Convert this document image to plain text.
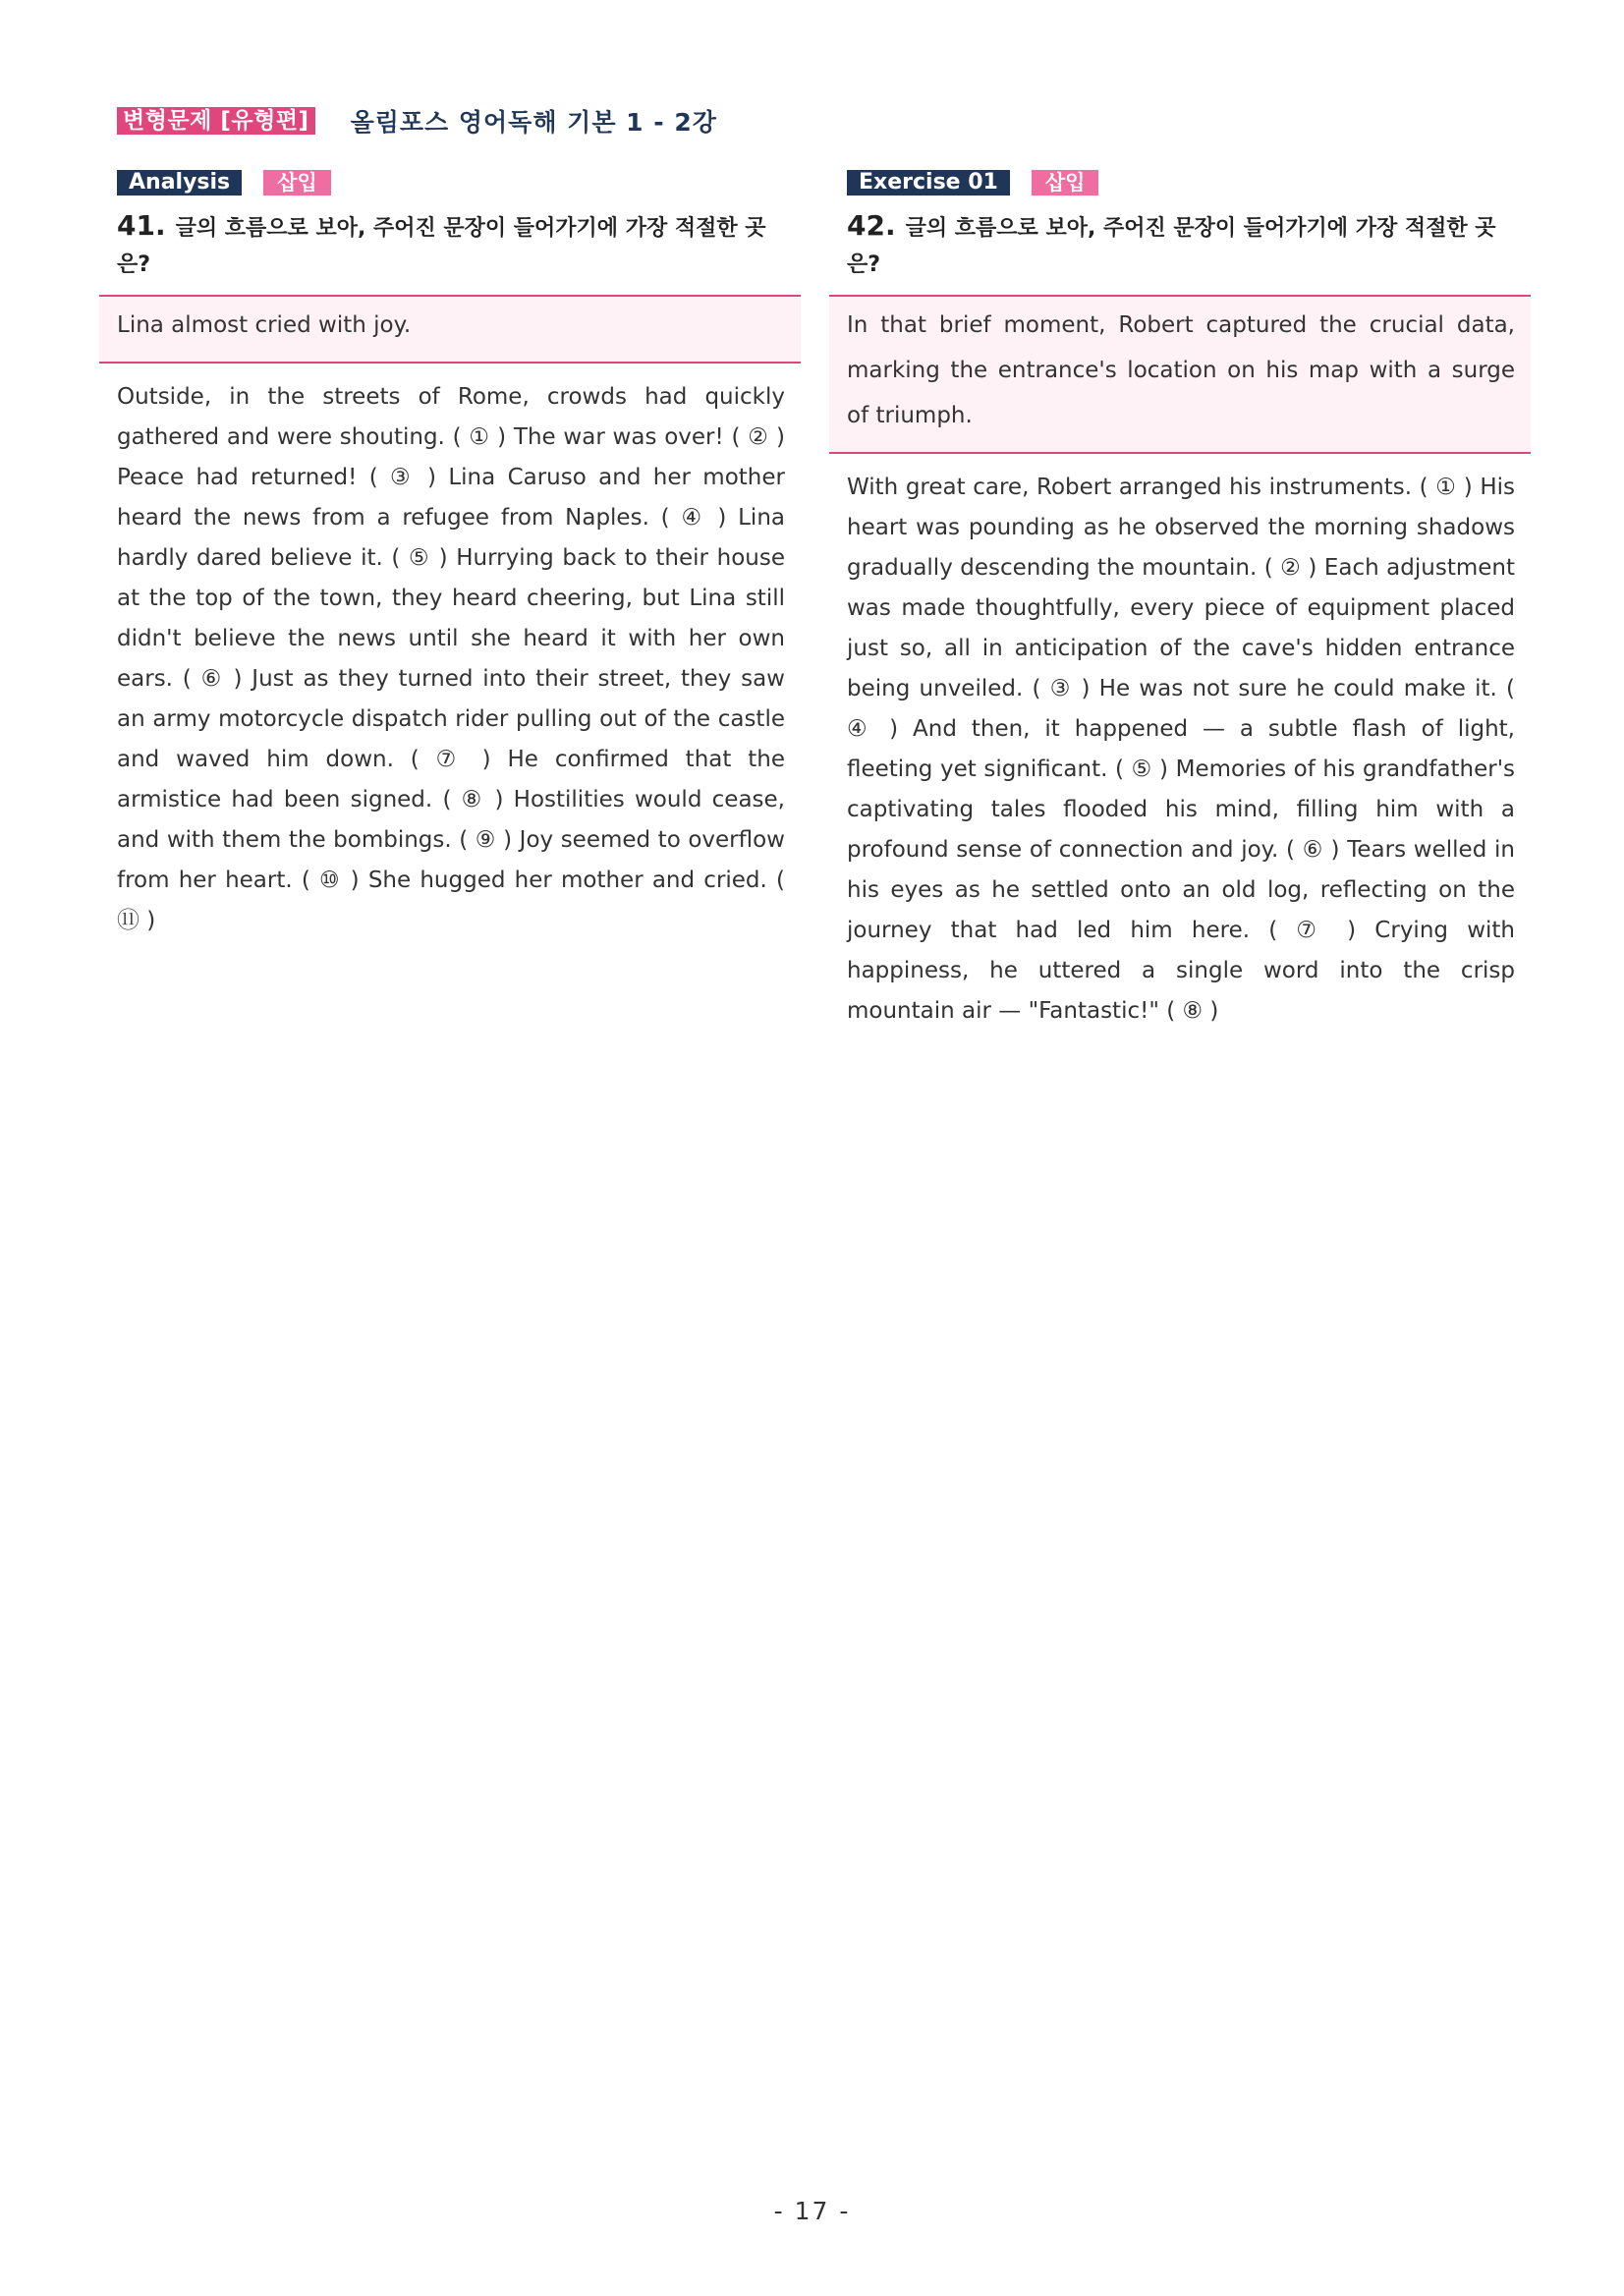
변형문제 [유형편] 올림포스 영어독해 기본 1 - 2강
Analysis	삽입
41. 글의 흐름으로 보아, 주어진 문장이 들어가기에 가장 적절한 곳은?
Lina almost cried with joy.
Outside, in the streets of Rome, crowds had quickly gathered and were shouting. ( ① ) The war was over! ( ② ) Peace had returned! ( ③ ) Lina Caruso and her mother heard the news from a refugee from Naples. ( ④ ) Lina hardly dared believe it. ( ⑤ ) Hurrying back to their house at the top of the town, they heard cheering, but Lina still didn't believe the news until she heard it with her own ears. ( ⑥ ) Just as they turned into their street, they saw an army motorcycle dispatch rider pulling out of the castle and waved him down. ( ⑦ ) He confirmed that the armistice had been signed. ( ⑧ ) Hostilities would cease, and with them the bombings. ( ⑨ ) Joy seemed to overflow from her heart. ( ⑩ ) She hugged her mother and cried. ( ⑪ )
Exercise 01	삽입
42. 글의 흐름으로 보아, 주어진 문장이 들어가기에 가장 적절한 곳은?
In that brief moment, Robert captured the crucial data, marking the entrance's location on his map with a surge of triumph.
With great care, Robert arranged his instruments. ( ① ) His heart was pounding as he observed the morning shadows gradually descending the mountain. ( ② ) Each adjustment was made thoughtfully, every piece of equipment placed just so, all in anticipation of the cave's hidden entrance being unveiled. ( ③ ) He was not sure he could make it. ( ④ ) And then, it happened — a subtle flash of light, fleeting yet significant. ( ⑤ ) Memories of his grandfather's captivating tales flooded his mind, filling him with a profound sense of connection and joy. ( ⑥ ) Tears welled in his eyes as he settled onto an old log, reflecting on the journey that had led him here. ( ⑦ ) Crying with happiness, he uttered a single word into the crisp mountain air — "Fantastic!" ( ⑧ )
- 17 -
